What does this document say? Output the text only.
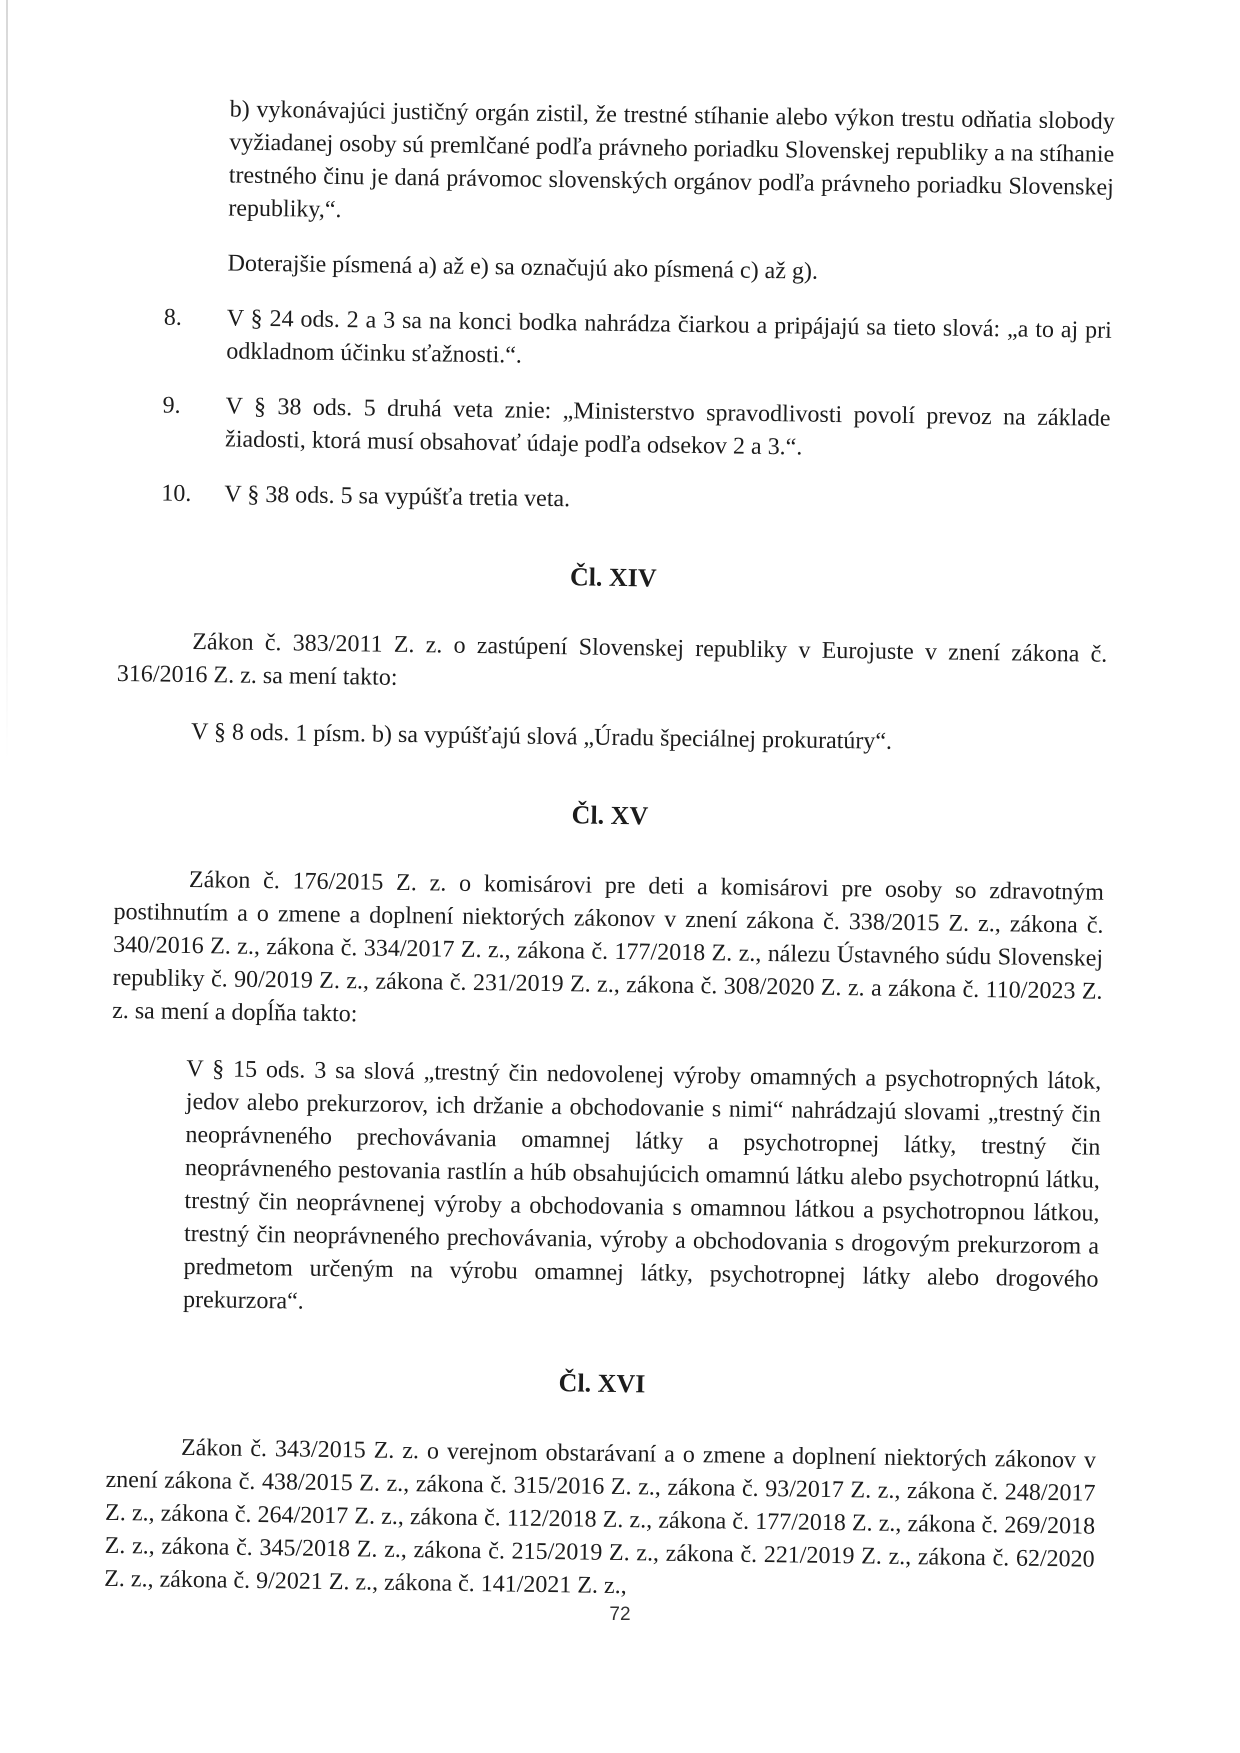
b) vykonávajúci justičný orgán zistil, že trestné stíhanie alebo výkon trestu odňatia slobody vyžiadanej osoby sú premlčané podľa právneho poriadku Slovenskej republiky a na stíhanie trestného činu je daná právomoc slovenských orgánov podľa právneho poriadku Slovenskej republiky,“.

Doterajšie písmená a) až e) sa označujú ako písmená c) až g).

8.	V § 24 ods. 2 a 3 sa na konci bodka nahrádza čiarkou a pripájajú sa tieto slová: „a to aj pri odkladnom účinku sťažnosti.“.
9.	V § 38 ods. 5 druhá veta znie: „Ministerstvo spravodlivosti povolí prevoz na základe žiadosti, ktorá musí obsahovať údaje podľa odsekov 2 a 3.“.
10.	V § 38 ods. 5 sa vypúšťa tretia veta.
Čl. XIV

Zákon č. 383/2011 Z. z. o zastúpení Slovenskej republiky v Eurojuste v znení zákona č. 316/2016 Z. z. sa mení takto:

V § 8 ods. 1 písm. b) sa vypúšťajú slová „Úradu špeciálnej prokuratúry“.

Čl. XV

Zákon č. 176/2015 Z. z. o komisárovi pre deti a komisárovi pre osoby so zdravotným postihnutím a o zmene a doplnení niektorých zákonov v znení zákona č. 338/2015 Z. z., zákona č. 340/2016 Z. z., zákona č. 334/2017 Z. z., zákona č. 177/2018 Z. z., nálezu Ústavného súdu Slovenskej republiky č. 90/2019 Z. z., zákona č. 231/2019 Z. z., zákona č. 308/2020 Z. z. a zákona č. 110/2023 Z. z. sa mení a dopĺňa takto:

V § 15 ods. 3 sa slová „trestný čin nedovolenej výroby omamných a psychotropných látok, jedov alebo prekurzorov, ich držanie a obchodovanie s nimi“ nahrádzajú slovami „trestný čin neoprávneného prechovávania omamnej látky a psychotropnej látky, trestný čin neoprávneného pestovania rastlín a húb obsahujúcich omamnú látku alebo psychotropnú látku, trestný čin neoprávnenej výroby a obchodovania s omamnou látkou a psychotropnou látkou, trestný čin neoprávneného prechovávania, výroby a obchodovania s drogovým prekurzorom a predmetom určeným na výrobu omamnej látky, psychotropnej látky alebo drogového prekurzora“.

Čl. XVI

Zákon č. 343/2015 Z. z. o verejnom obstarávaní a o zmene a doplnení niektorých zákonov v znení zákona č. 438/2015 Z. z., zákona č. 315/2016 Z. z., zákona č. 93/2017 Z. z., zákona č. 248/2017 Z. z., zákona č. 264/2017 Z. z., zákona č. 112/2018 Z. z., zákona č. 177/2018 Z. z., zákona č. 269/2018 Z. z., zákona č. 345/2018 Z. z., zákona č. 215/2019 Z. z., zákona č. 221/2019 Z. z., zákona č. 62/2020 Z. z., zákona č. 9/2021 Z. z., zákona č. 141/2021 Z. z.,

72
